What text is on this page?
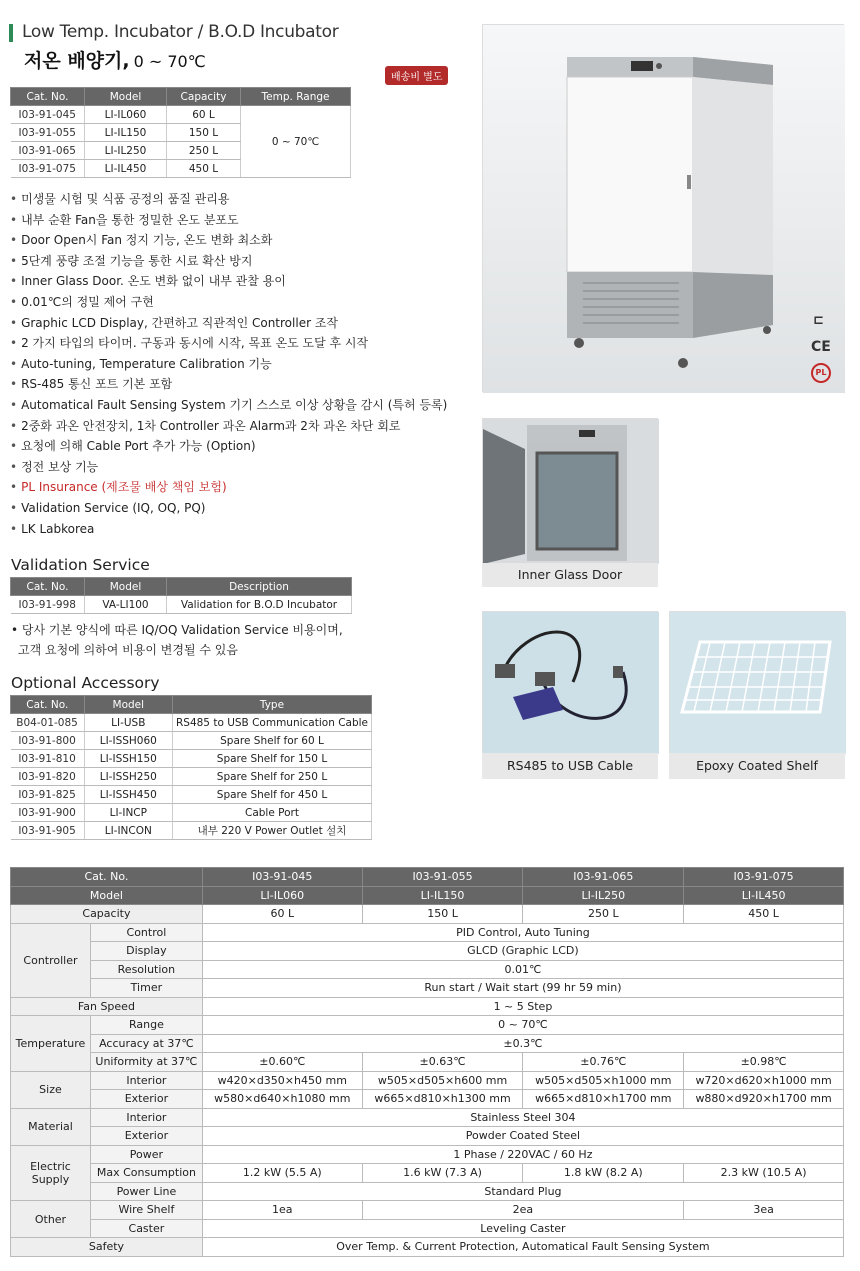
Low Temp. Incubator / B.O.D Incubator
저온 배양기, 0 ~ 70℃
배송비 별도
Cat. No.	Model	Capacity	Temp. Range
I03-91-045	LI-IL060	60 L	0 ~ 70℃
I03-91-055	LI-IL150	150 L	
I03-91-065	LI-IL250	250 L	
I03-91-075	LI-IL450	450 L	
• 미생물 시험 및 식품 공정의 품질 관리용
• 내부 순환 Fan을 통한 정밀한 온도 분포도
• Door Open시 Fan 정지 기능, 온도 변화 최소화
• 5단계 풍량 조절 기능을 통한 시료 확산 방지
• Inner Glass Door. 온도 변화 없이 내부 관찰 용이
• 0.01℃의 정밀 제어 구현
• Graphic LCD Display, 간편하고 직관적인 Controller 조작
• 2 가지 타입의 타이머. 구동과 동시에 시작, 목표 온도 도달 후 시작
• Auto-tuning, Temperature Calibration 기능
• RS-485 통신 포트 기본 포함
• Automatical Fault Sensing System 기기 스스로 이상 상황을 감시 (특허 등록)
• 2중화 과온 안전장치, 1차 Controller 과온 Alarm과 2차 과온 차단 회로
• 요청에 의해 Cable Port 추가 가능 (Option)
• 정전 보상 기능
• PL Insurance (제조물 배상 책임 보험)
• Validation Service (IQ, OQ, PQ)
• LK Labkorea
Validation Service
Cat. No.	Model	Description
I03-91-998	VA-LI100	Validation for B.O.D Incubator
• 당사 기본 양식에 따른 IQ/OQ Validation Service 비용이며,
고객 요청에 의하여 비용이 변경될 수 있음
Optional Accessory
Cat. No.	Model	Type
B04-01-085	LI-USB	RS485 to USB Communication Cable
I03-91-800	LI-ISSH060	Spare Shelf for 60 L
I03-91-810	LI-ISSH150	Spare Shelf for 150 L
I03-91-820	LI-ISSH250	Spare Shelf for 250 L
I03-91-825	LI-ISSH450	Spare Shelf for 450 L
I03-91-900	LI-INCP	Cable Port
I03-91-905	LI-INCON	내부 220 V Power Outlet 설치
⊏
CE
PL
Inner Glass Door
RS485 to USB Cable	Epoxy Coated Shelf
Cat. No.		I03-91-045	I03-91-055	I03-91-065	I03-91-075
Model		LI-IL060	LI-IL150	LI-IL250	LI-IL450
Capacity		60 L	150 L	250 L	450 L
Controller	Control	PID Control, Auto Tuning			
	Display	GLCD (Graphic LCD)			
	Resolution	0.01℃			
	Timer	Run start / Wait start (99 hr 59 min)			
Fan Speed		1 ~ 5 Step			
Temperature	Range	0 ~ 70℃			
	Accuracy at 37℃	±0.3℃			
	Uniformity at 37℃	±0.60℃	±0.63℃	±0.76℃	±0.98℃
Size	Interior	w420×d350×h450 mm	w505×d505×h600 mm	w505×d505×h1000 mm	w720×d620×h1000 mm
	Exterior	w580×d640×h1080 mm	w665×d810×h1300 mm	w665×d810×h1700 mm	w880×d920×h1700 mm
Material	Interior	Stainless Steel 304			
	Exterior	Powder Coated Steel			

Electric
Supply	Power	1 Phase / 220VAC / 60 Hz			
	Max Consumption	1.2 kW (5.5 A)	1.6 kW (7.3 A)	1.8 kW (8.2 A)	2.3 kW (10.5 A)
	Power Line	Standard Plug			
Other	Wire Shelf	1ea	2ea		3ea
	Caster	Leveling Caster			
Safety		Over Temp. & Current Protection, Automatical Fault Sensing System			
